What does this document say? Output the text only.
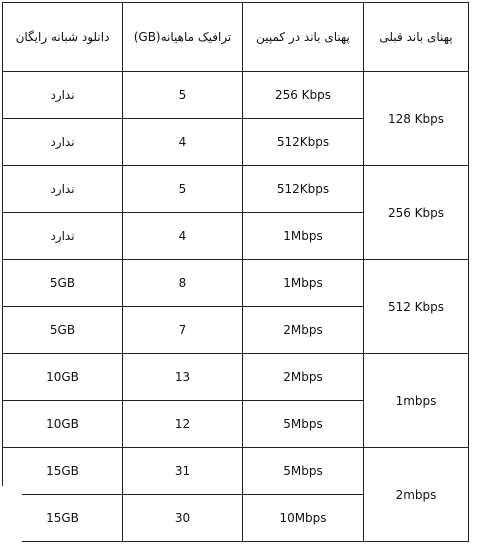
دانلود شبانه رایگان	ترافیک ماهیانه(GB)	پهنای باند در کمپین	پهنای باند قبلی
ندارد	5	256 Kbps	128 Kbps
ندارد	4	512Kbps	
ندارد	5	512Kbps	256 Kbps
ندارد	4	1Mbps	
5GB	8	1Mbps	512 Kbps
5GB	7	2Mbps	
10GB	13	2Mbps	1mbps
10GB	12	5Mbps	
15GB	31	5Mbps	2mbps
15GB	30	10Mbps	
